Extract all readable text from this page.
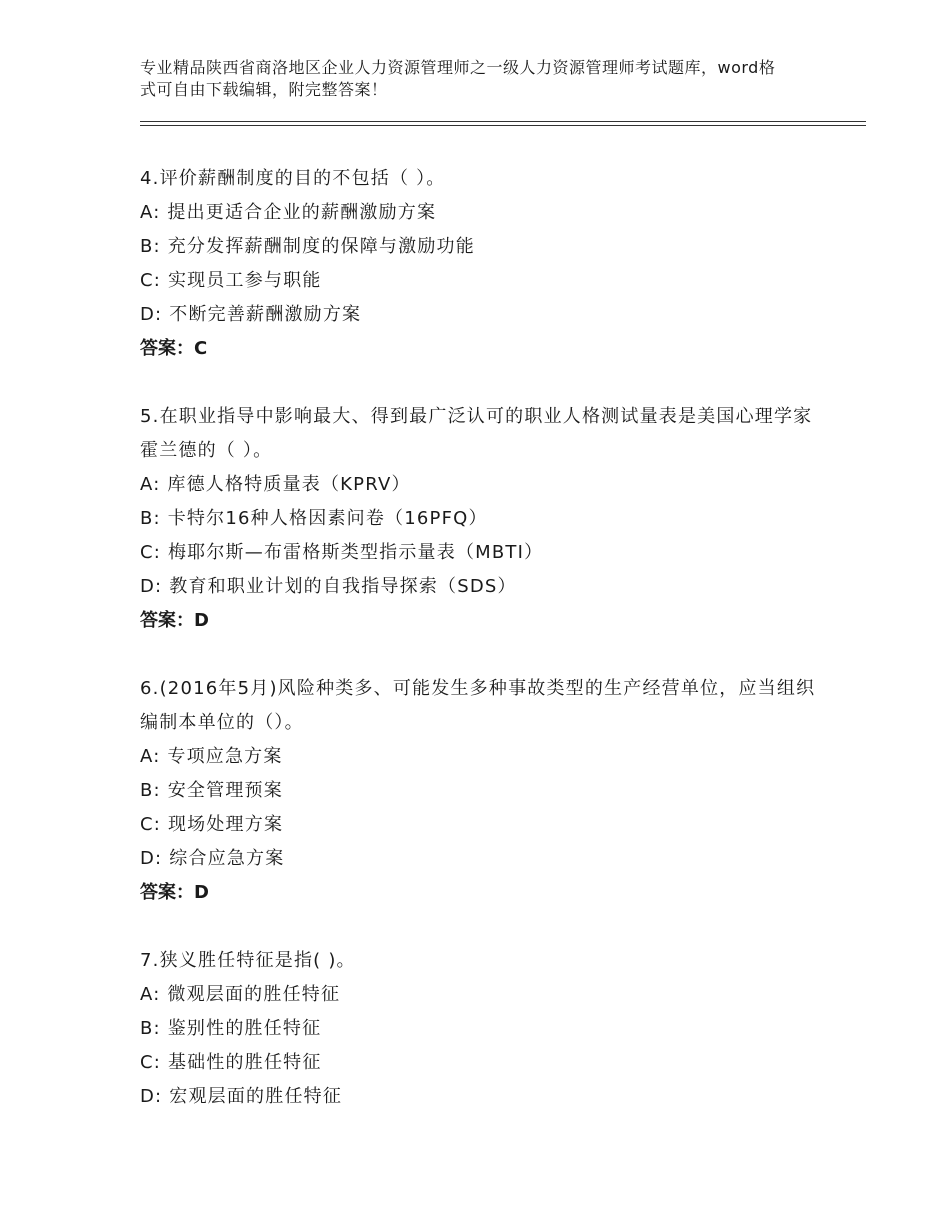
专业精品陕西省商洛地区企业人力资源管理师之一级人力资源管理师考试题库，word格式可自由下载编辑，附完整答案！

4.评价薪酬制度的目的不包括（ ）。

A: 提出更适合企业的薪酬激励方案

B: 充分发挥薪酬制度的保障与激励功能

C: 实现员工参与职能

D: 不断完善薪酬激励方案

答案：C

5.在职业指导中影响最大、得到最广泛认可的职业人格测试量表是美国心理学家霍兰德的（ ）。

A: 库德人格特质量表（KPRV）

B: 卡特尔16种人格因素问卷（16PFQ）

C: 梅耶尔斯—布雷格斯类型指示量表（MBTI）

D: 教育和职业计划的自我指导探索（SDS）

答案：D

6.(2016年5月)风险种类多、可能发生多种事故类型的生产经营单位，应当组织编制本单位的（）。

A: 专项应急方案

B: 安全管理预案

C: 现场处理方案

D: 综合应急方案

答案：D

7.狭义胜任特征是指( )。

A: 微观层面的胜任特征

B: 鉴别性的胜任特征

C: 基础性的胜任特征

D: 宏观层面的胜任特征
